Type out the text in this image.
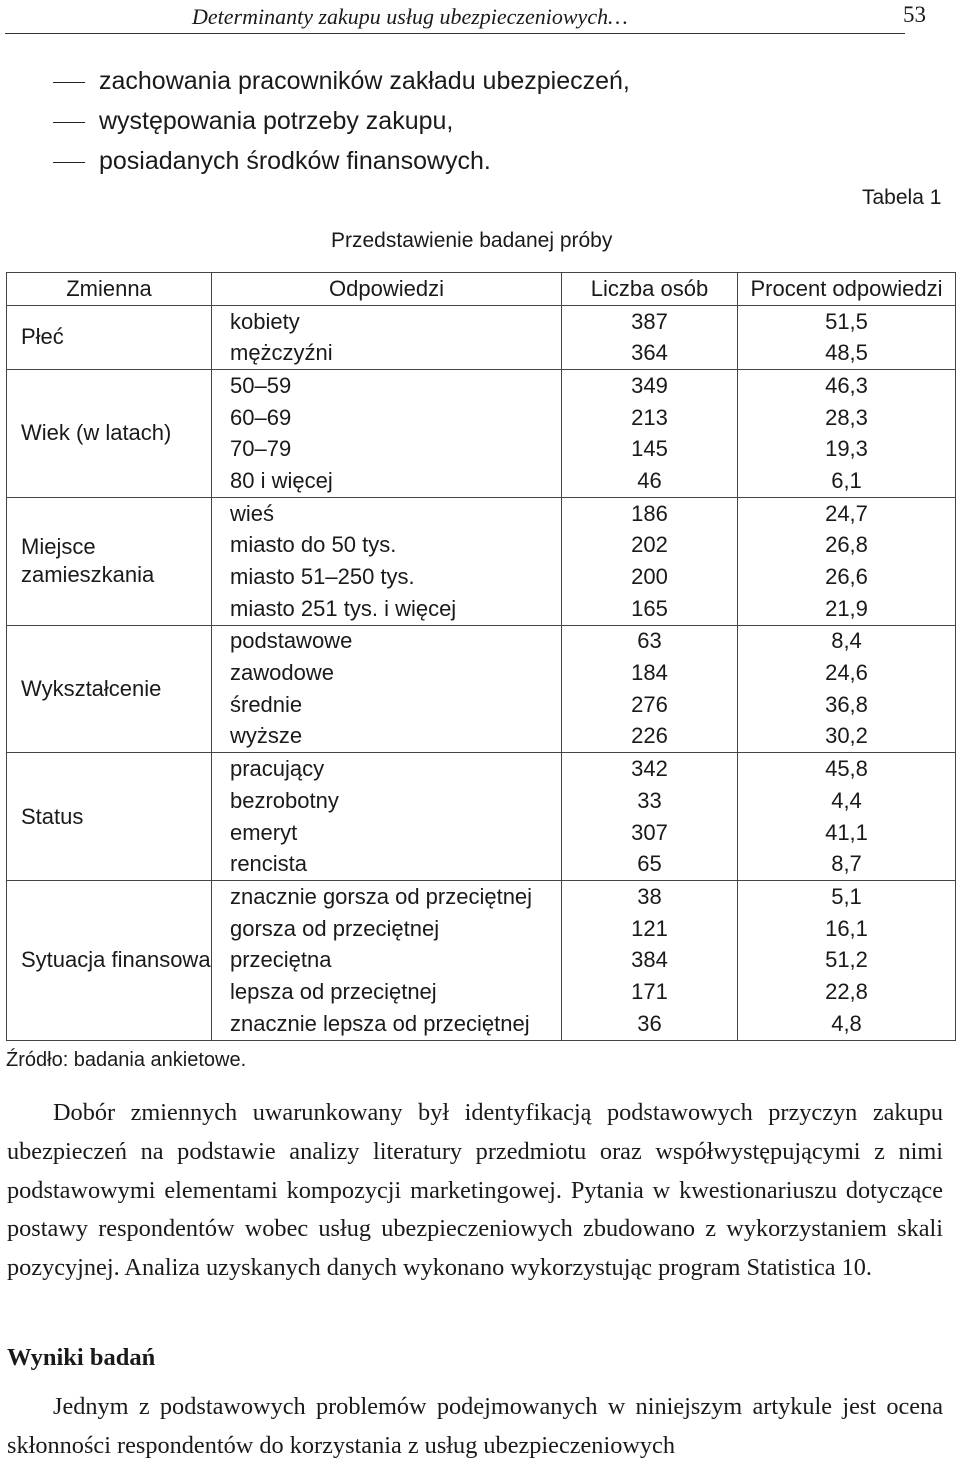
Determinanty zakupu usług ubezpieczeniowych…	53
zachowania pracowników zakładu ubezpieczeń,
występowania potrzeby zakupu,
posiadanych środków finansowych.
Tabela 1
Przedstawienie badanej próby
Zmienna	Odpowiedzi	Liczba osób	Procent odpowiedzi
Płeć	kobiety	387	51,5
	mężczyźni	364	48,5
Wiek (w latach)	50–59	349	46,3
	60–69	213	28,3
	70–79	145	19,3
	80 i więcej	46	6,1
Miejsce zamieszkania	wieś	186	24,7
	miasto do 50 tys.	202	26,8
	miasto 51–250 tys.	200	26,6
	miasto 251 tys. i więcej	165	21,9
Wykształcenie	podstawowe	63	8,4
	zawodowe	184	24,6
	średnie	276	36,8
	wyższe	226	30,2
Status	pracujący	342	45,8
	bezrobotny	33	4,4
	emeryt	307	41,1
	rencista	65	8,7
Sytuacja finansowa	znacznie gorsza od przeciętnej	38	5,1
	gorsza od przeciętnej	121	16,1
	przeciętna	384	51,2
	lepsza od przeciętnej	171	22,8
	znacznie lepsza od przeciętnej	36	4,8
Źródło: badania ankietowe.

Dobór zmiennych uwarunkowany był identyfikacją podstawowych przyczyn zakupu ubezpieczeń na podstawie analizy literatury przedmiotu oraz współwystępującymi z nimi podstawowymi elementami kompozycji marketingowej. Pytania w kwestionariuszu dotyczące postawy respondentów wobec usług ubezpieczeniowych zbudowano z wykorzystaniem skali pozycyjnej. Analiza uzyskanych danych wykonano wykorzystując program Statistica 10.

Wyniki badań

Jednym z podstawowych problemów podejmowanych w niniejszym artykule jest ocena skłonności respondentów do korzystania z usług ubezpieczeniowych
